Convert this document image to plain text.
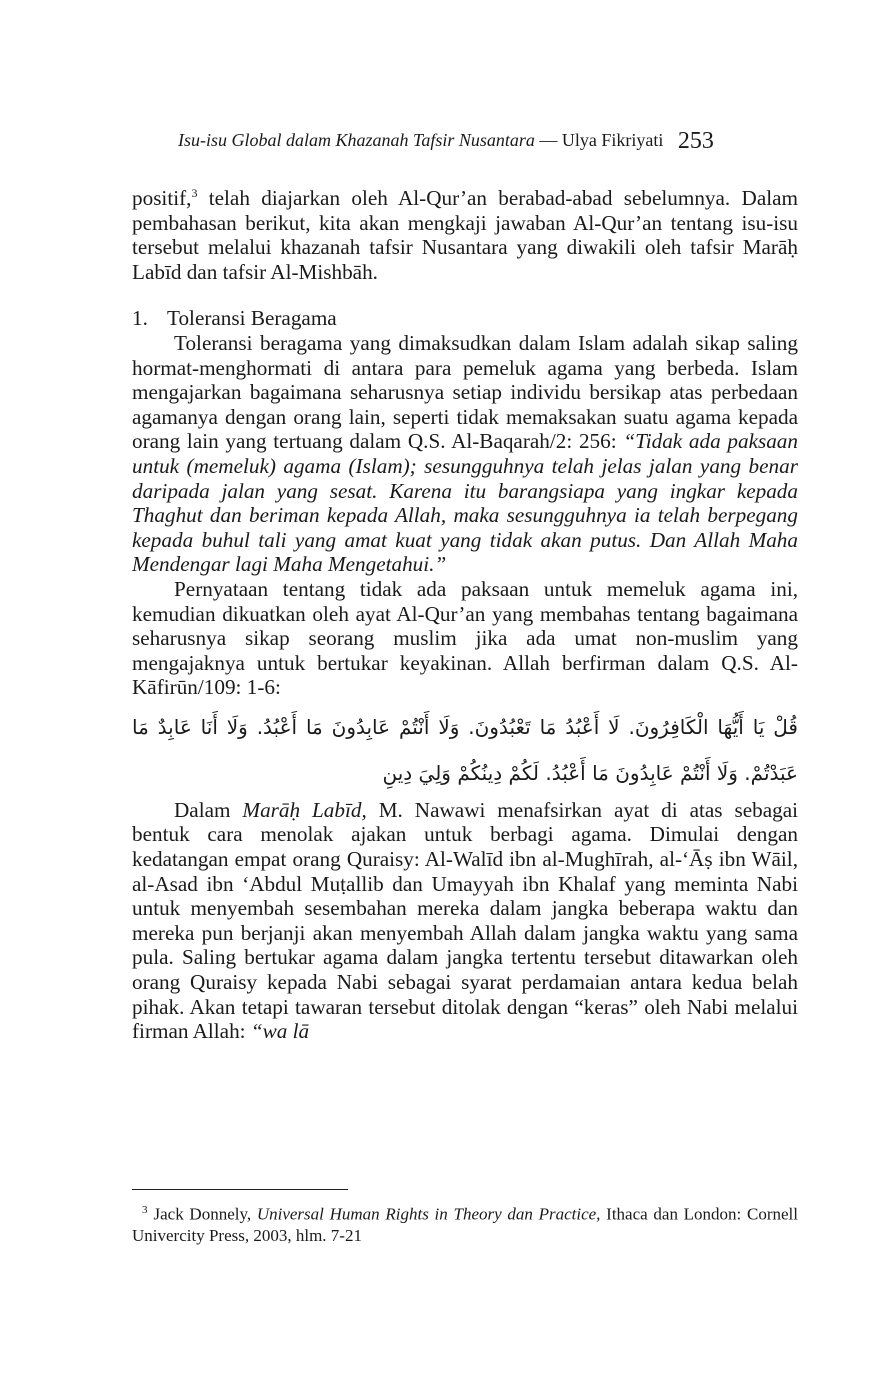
Isu-isu Global dalam Khazanah Tafsir Nusantara — Ulya Fikriyati 253

positif,$^3$ telah diajarkan oleh Al-Qur’an berabad-abad sebelumnya. Dalam pembahasan berikut, kita akan mengkaji jawaban Al-Qur’an tentang isu-isu tersebut melalui khazanah tafsir Nusantara yang diwakili oleh tafsir Marāḥ Labīd dan tafsir Al-Mishbāh.

1. Toleransi Beragama

Toleransi beragama yang dimaksudkan dalam Islam adalah sikap saling hormat-menghormati di antara para pemeluk agama yang berbeda. Islam mengajarkan bagaimana seharusnya setiap individu bersikap atas perbedaan agamanya dengan orang lain, seperti tidak memaksakan suatu agama kepada orang lain yang tertuang dalam Q.S. Al-Baqarah/2: 256: “Tidak ada paksaan untuk (memeluk) agama (Islam); sesungguhnya telah jelas jalan yang benar daripada jalan yang sesat. Karena itu barangsiapa yang ingkar kepada Thaghut dan beriman kepada Allah, maka sesungguhnya ia telah berpegang kepada buhul tali yang amat kuat yang tidak akan putus. Dan Allah Maha Mendengar lagi Maha Mengetahui.”

Pernyataan tentang tidak ada paksaan untuk memeluk agama ini, kemudian dikuatkan oleh ayat Al-Qur’an yang membahas tentang bagaimana seharusnya sikap seorang muslim jika ada umat non-muslim yang mengajaknya untuk bertukar keyakinan. Allah berfirman dalam Q.S. Al-Kāfirūn/109: 1-6:

قُلْ يَا أَيُّهَا الْكَافِرُونَ. لَا أَعْبُدُ مَا تَعْبُدُونَ. وَلَا أَنْتُمْ عَابِدُونَ مَا أَعْبُدُ. وَلَا أَنَا عَابِدٌ مَا
عَبَدْتُمْ. وَلَا أَنْتُمْ عَابِدُونَ مَا أَعْبُدُ. لَكُمْ دِينُكُمْ وَلِيَ دِينِ

Dalam Marāḥ Labīd, M. Nawawi menafsirkan ayat di atas sebagai bentuk cara menolak ajakan untuk berbagi agama. Dimulai dengan kedatangan empat orang Quraisy: Al-Walīd ibn al-Mughīrah, al-‘Āṣ ibn Wāil, al-Asad ibn ‘Abdul Muṭallib dan Umayyah ibn Khalaf yang meminta Nabi untuk menyembah sesembahan mereka dalam jangka beberapa waktu dan mereka pun berjanji akan menyembah Allah dalam jangka waktu yang sama pula. Saling bertukar agama dalam jangka tertentu tersebut ditawarkan oleh orang Quraisy kepada Nabi sebagai syarat perdamaian antara kedua belah pihak. Akan tetapi tawaran tersebut ditolak dengan “keras” oleh Nabi melalui firman Allah: “wa lā

$^3$ Jack Donnely, Universal Human Rights in Theory dan Practice, Ithaca dan London: Cornell Univercity Press, 2003, hlm. 7-21
